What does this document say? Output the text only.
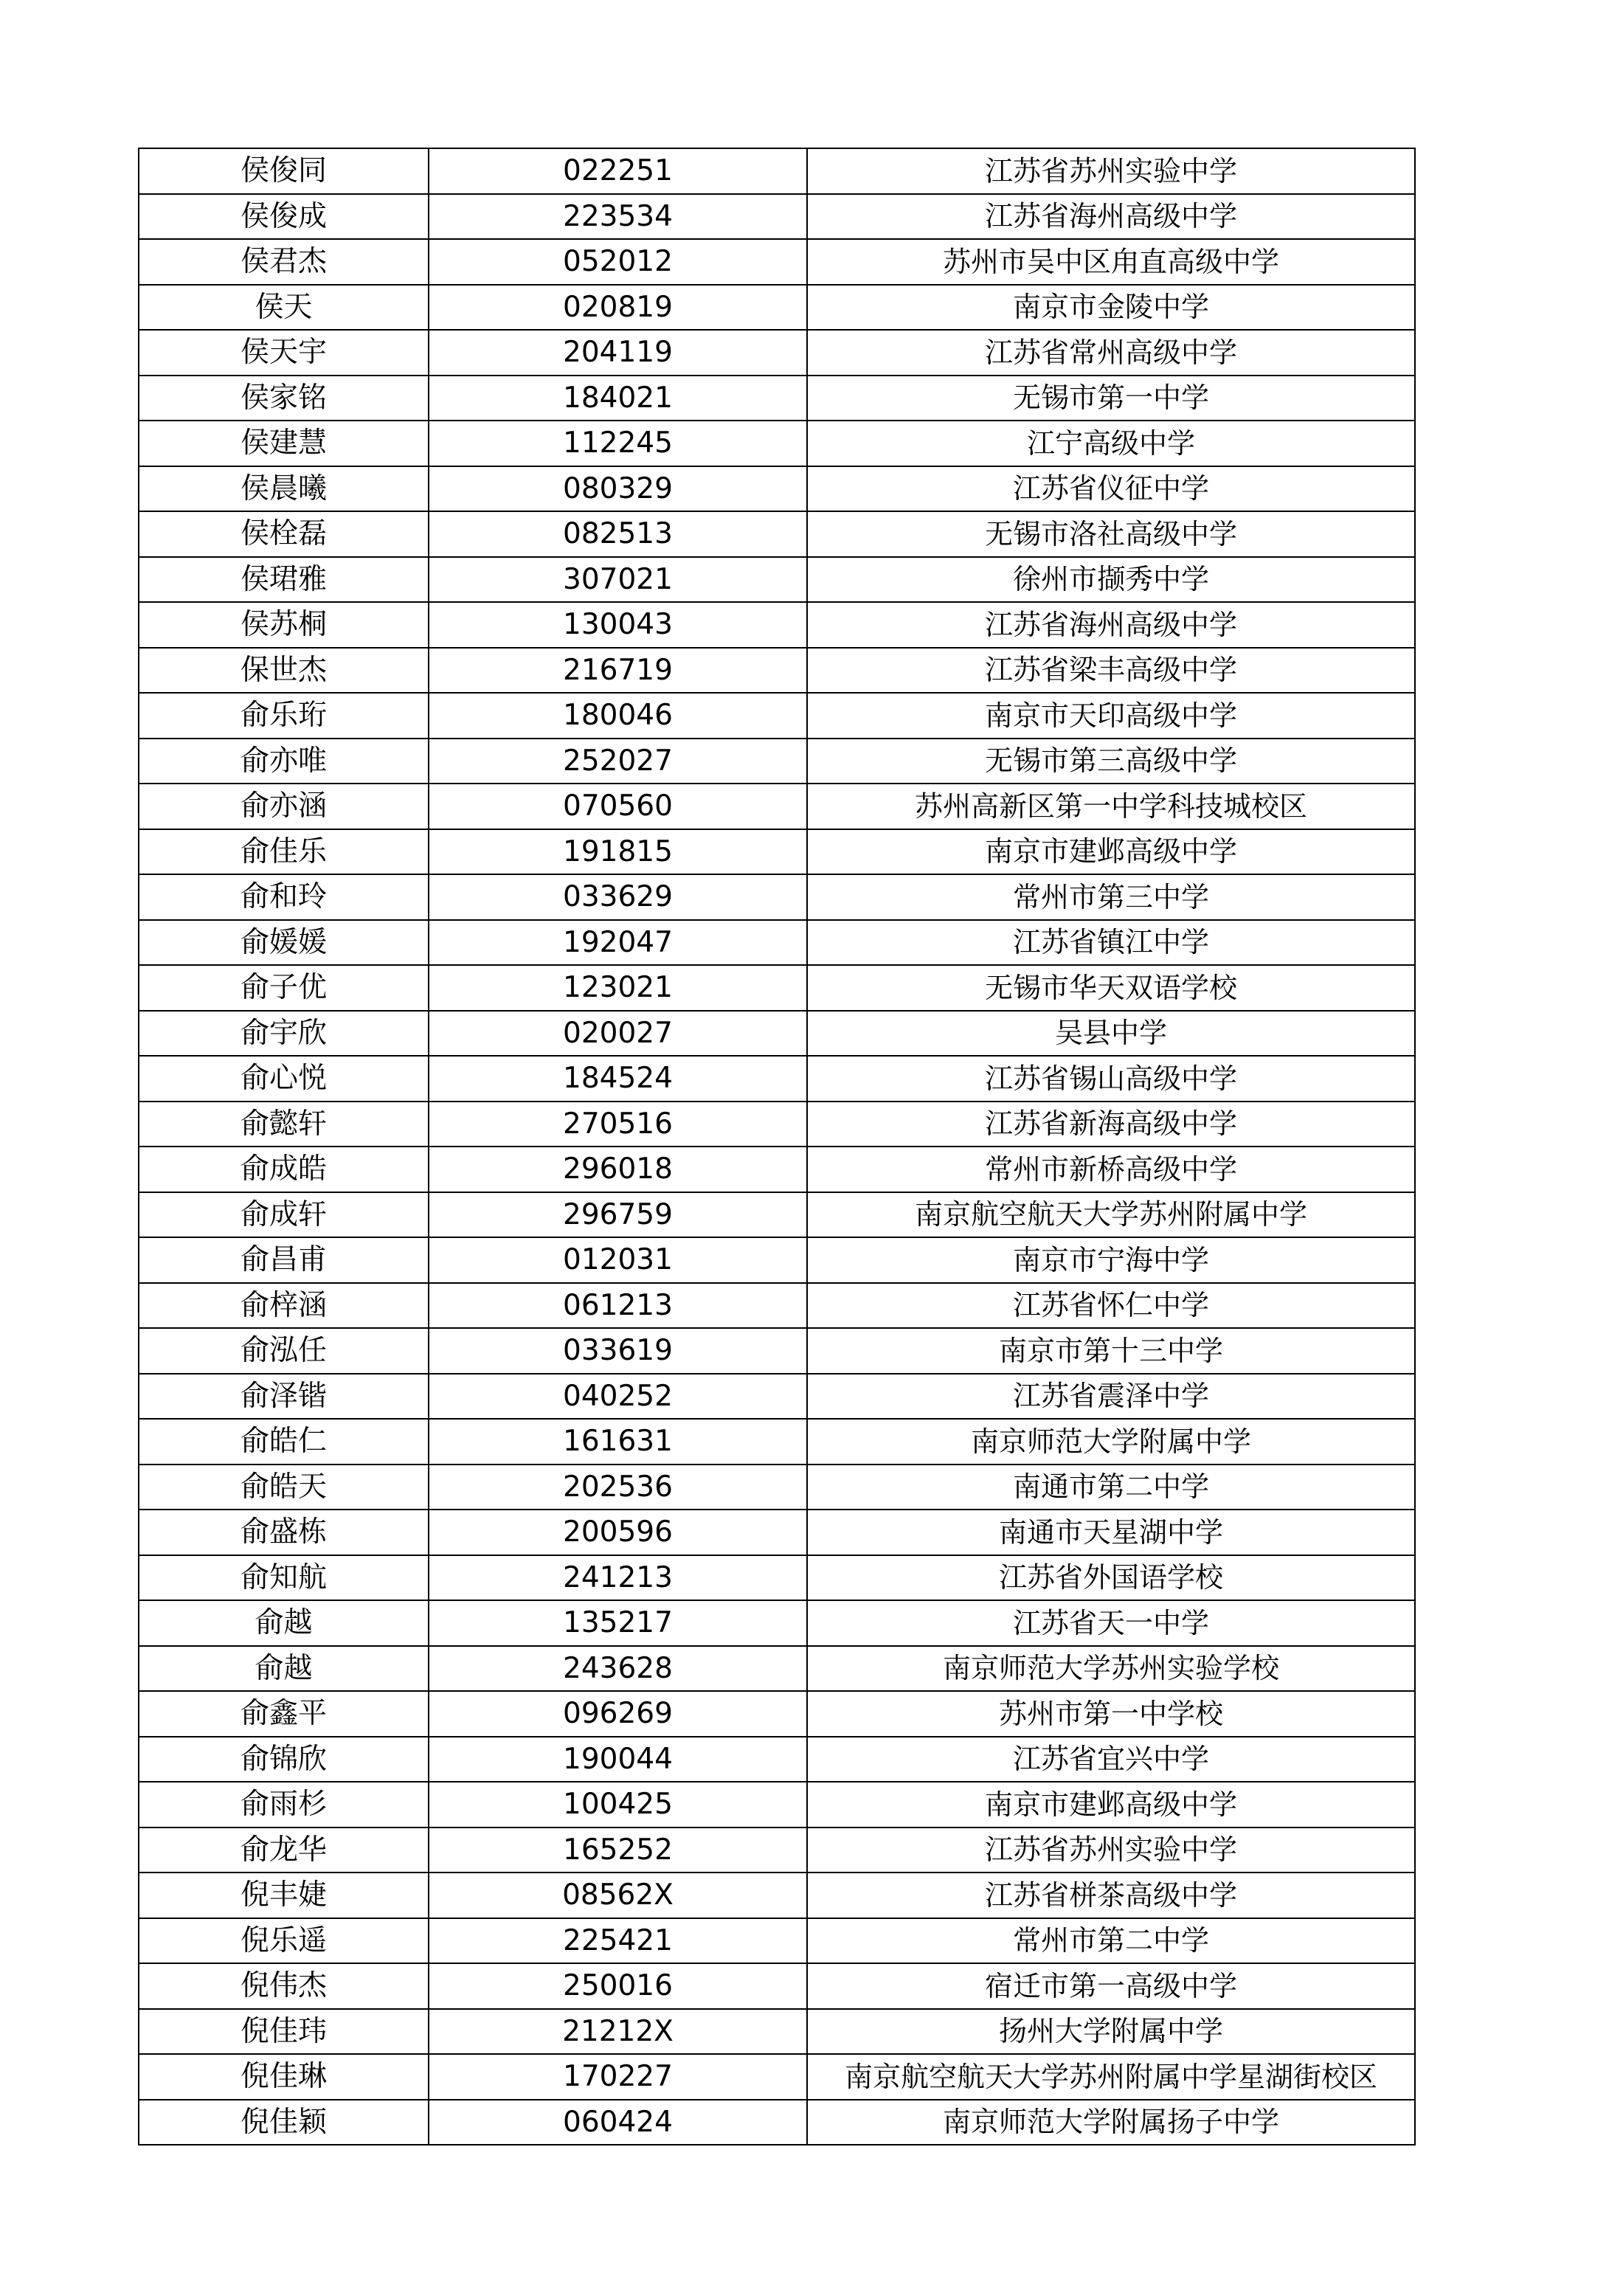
侯俊同	022251	江苏省苏州实验中学
侯俊成	223534	江苏省海州高级中学
侯君杰	052012	苏州市吴中区甪直高级中学
侯天	020819	南京市金陵中学
侯天宇	204119	江苏省常州高级中学
侯家铭	184021	无锡市第一中学
侯建慧	112245	江宁高级中学
侯晨曦	080329	江苏省仪征中学
侯栓磊	082513	无锡市洛社高级中学
侯珺雅	307021	徐州市撷秀中学
侯苏桐	130043	江苏省海州高级中学
保世杰	216719	江苏省梁丰高级中学
俞乐珩	180046	南京市天印高级中学
俞亦唯	252027	无锡市第三高级中学
俞亦涵	070560	苏州高新区第一中学科技城校区
俞佳乐	191815	南京市建邺高级中学
俞和玲	033629	常州市第三中学
俞媛媛	192047	江苏省镇江中学
俞子优	123021	无锡市华天双语学校
俞宇欣	020027	吴县中学
俞心悦	184524	江苏省锡山高级中学
俞懿轩	270516	江苏省新海高级中学
俞成皓	296018	常州市新桥高级中学
俞成轩	296759	南京航空航天大学苏州附属中学
俞昌甫	012031	南京市宁海中学
俞梓涵	061213	江苏省怀仁中学
俞泓任	033619	南京市第十三中学
俞泽锴	040252	江苏省震泽中学
俞皓仁	161631	南京师范大学附属中学
俞皓天	202536	南通市第二中学
俞盛栋	200596	南通市天星湖中学
俞知航	241213	江苏省外国语学校
俞越	135217	江苏省天一中学
俞越	243628	南京师范大学苏州实验学校
俞鑫平	096269	苏州市第一中学校
俞锦欣	190044	江苏省宜兴中学
俞雨杉	100425	南京市建邺高级中学
俞龙华	165252	江苏省苏州实验中学
倪丰婕	08562X	江苏省栟茶高级中学
倪乐遥	225421	常州市第二中学
倪伟杰	250016	宿迁市第一高级中学
倪佳玮	21212X	扬州大学附属中学
倪佳琳	170227	南京航空航天大学苏州附属中学星湖街校区
倪佳颖	060424	南京师范大学附属扬子中学
